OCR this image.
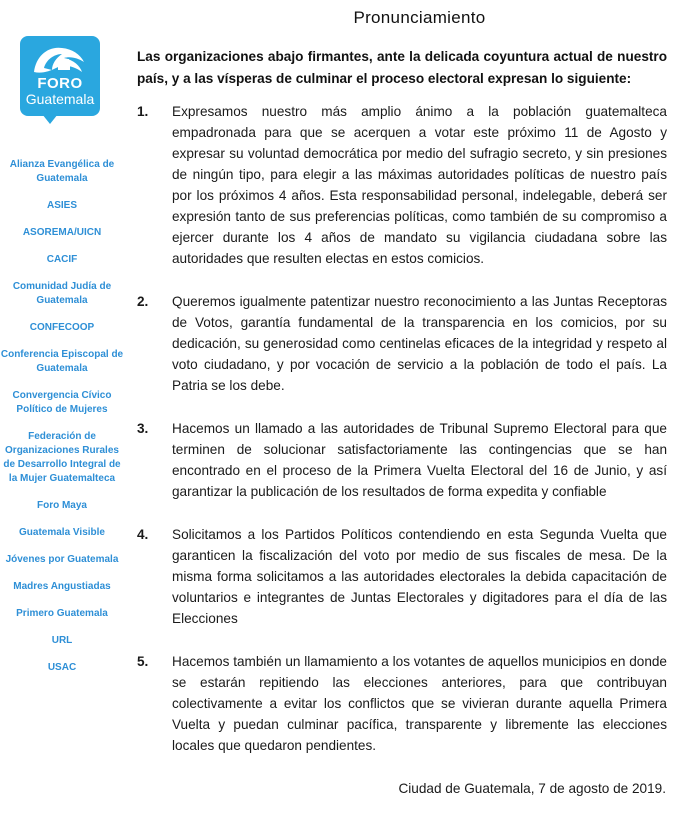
Pronunciamiento
FORO
Guatemala
Alianza Evangélica de Guatemala
ASIES
ASOREMA/UICN
CACIF
Comunidad Judía de Guatemala
CONFECOOP
Conferencia Episcopal de Guatemala
Convergencia Cívico Político de Mujeres
Federación de Organizaciones Rurales de Desarrollo Integral de la Mujer Guatemalteca
Foro Maya
Guatemala Visible
Jóvenes por Guatemala
Madres Angustiadas
Primero Guatemala
URL
USAC
Las organizaciones abajo firmantes, ante la delicada coyuntura actual de nuestro país, y a las vísperas de culminar el proceso electoral expresan lo siguiente:
1. Expresamos nuestro más amplio ánimo a la población guatemalteca empadronada para que se acerquen a votar este próximo 11 de Agosto y expresar su voluntad democrática por medio del sufragio secreto, y sin presiones de ningún tipo, para elegir a las máximas autoridades políticas de nuestro país por los próximos 4 años. Esta responsabilidad personal, indelegable, deberá ser expresión tanto de sus preferencias políticas, como también de su compromiso a ejercer durante los 4 años de mandato su vigilancia ciudadana sobre las autoridades que resulten electas en estos comicios.
2. Queremos igualmente patentizar nuestro reconocimiento a las Juntas Receptoras de Votos, garantía fundamental de la transparencia en los comicios, por su dedicación, su generosidad como centinelas eficaces de la integridad y respeto al voto ciudadano, y por vocación de servicio a la población de todo el país. La Patria se los debe.
3. Hacemos un llamado a las autoridades de Tribunal Supremo Electoral para que terminen de solucionar satisfactoriamente las contingencias que se han encontrado en el proceso de la Primera Vuelta Electoral del 16 de Junio, y así garantizar la publicación de los resultados de forma expedita y confiable
4. Solicitamos a los Partidos Políticos contendiendo en esta Segunda Vuelta que garanticen la fiscalización del voto por medio de sus fiscales de mesa. De la misma forma solicitamos a las autoridades electorales la debida capacitación de voluntarios e integrantes de Juntas Electorales y digitadores para el día de las Elecciones
5. Hacemos también un llamamiento a los votantes de aquellos municipios en donde se estarán repitiendo las elecciones anteriores, para que contribuyan colectivamente a evitar los conflictos que se vivieran durante aquella Primera Vuelta y puedan culminar pacífica, transparente y libremente las elecciones locales que quedaron pendientes.
Ciudad de Guatemala, 7 de agosto de 2019.
